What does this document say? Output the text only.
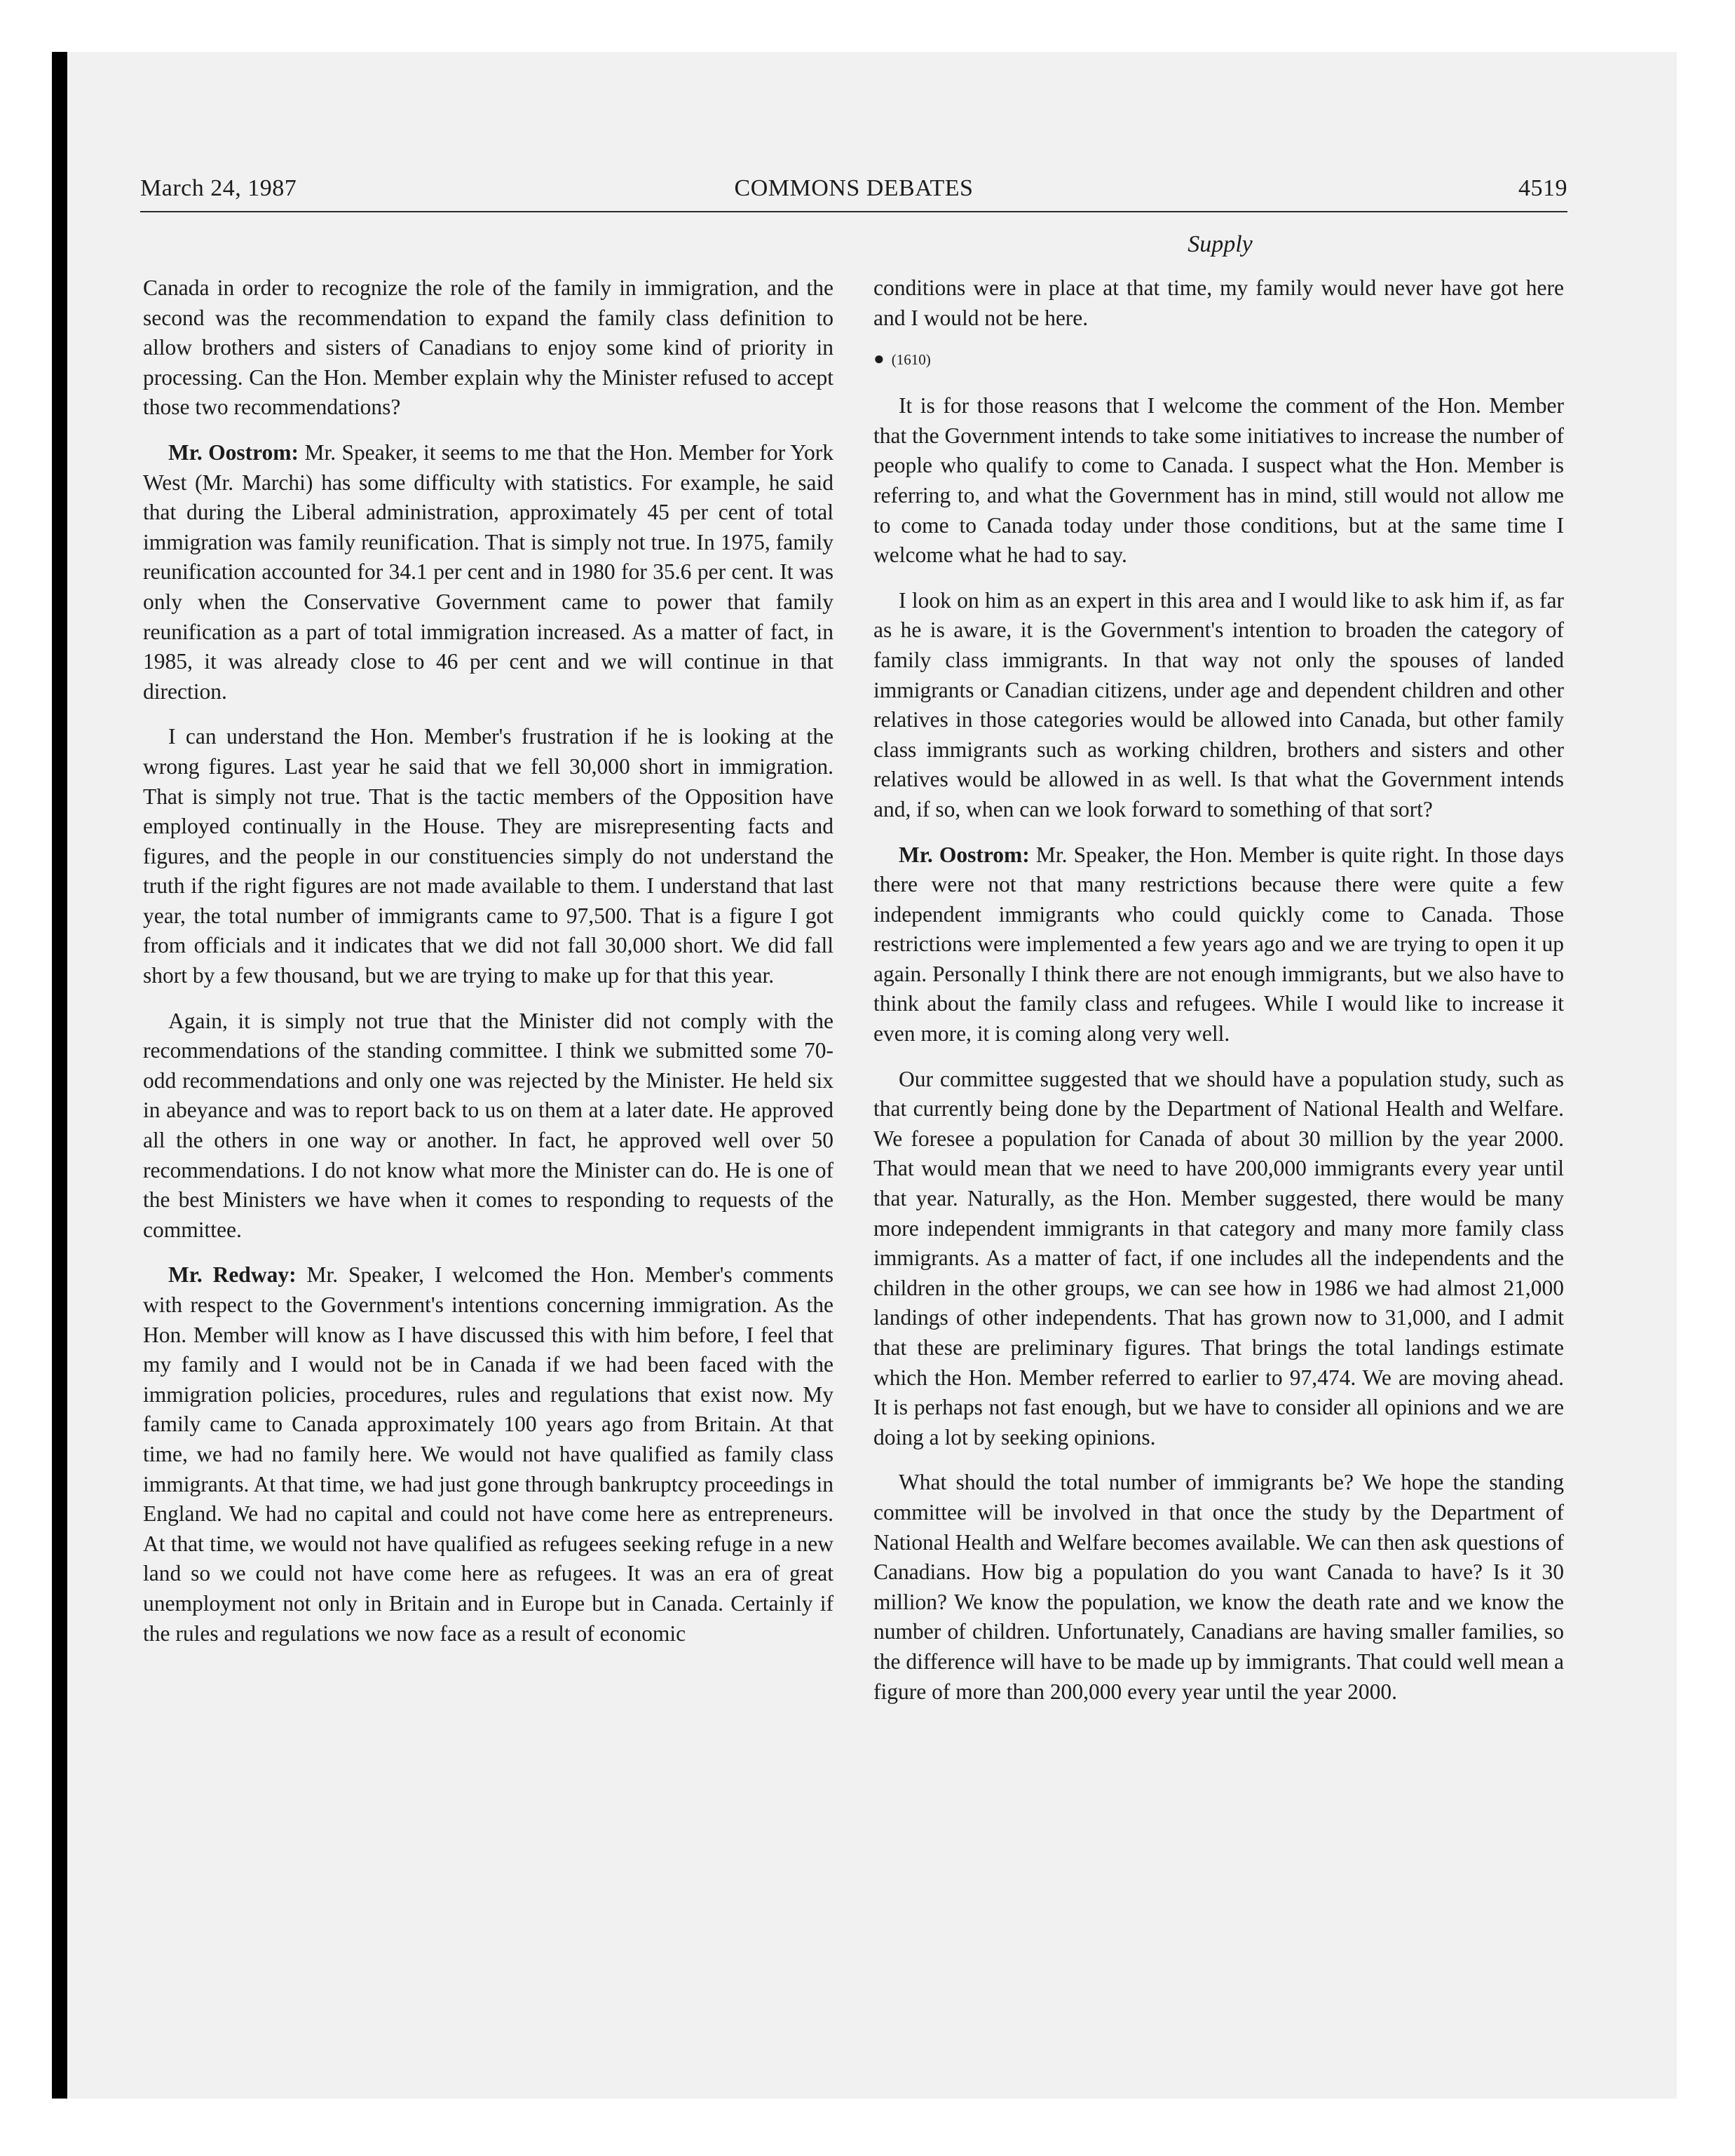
March 24, 1987	COMMONS DEBATES	4519
Supply

Canada in order to recognize the role of the family in immigration, and the second was the recommendation to expand the family class definition to allow brothers and sisters of Canadians to enjoy some kind of priority in processing. Can the Hon. Member explain why the Minister refused to accept those two recommendations?

Mr. Oostrom: Mr. Speaker, it seems to me that the Hon. Member for York West (Mr. Marchi) has some difficulty with statistics. For example, he said that during the Liberal administration, approximately 45 per cent of total immigration was family reunification. That is simply not true. In 1975, family reunification accounted for 34.1 per cent and in 1980 for 35.6 per cent. It was only when the Conservative Government came to power that family reunification as a part of total immigration increased. As a matter of fact, in 1985, it was already close to 46 per cent and we will continue in that direction.

I can understand the Hon. Member's frustration if he is looking at the wrong figures. Last year he said that we fell 30,000 short in immigration. That is simply not true. That is the tactic members of the Opposition have employed continually in the House. They are misrepresenting facts and figures, and the people in our constituencies simply do not understand the truth if the right figures are not made available to them. I understand that last year, the total number of immigrants came to 97,500. That is a figure I got from officials and it indicates that we did not fall 30,000 short. We did fall short by a few thousand, but we are trying to make up for that this year.

Again, it is simply not true that the Minister did not comply with the recommendations of the standing committee. I think we submitted some 70-odd recommendations and only one was rejected by the Minister. He held six in abeyance and was to report back to us on them at a later date. He approved all the others in one way or another. In fact, he approved well over 50 recommendations. I do not know what more the Minister can do. He is one of the best Ministers we have when it comes to responding to requests of the committee.

Mr. Redway: Mr. Speaker, I welcomed the Hon. Member's comments with respect to the Government's intentions concerning immigration. As the Hon. Member will know as I have discussed this with him before, I feel that my family and I would not be in Canada if we had been faced with the immigration policies, procedures, rules and regulations that exist now. My family came to Canada approximately 100 years ago from Britain. At that time, we had no family here. We would not have qualified as family class immigrants. At that time, we had just gone through bankruptcy proceedings in England. We had no capital and could not have come here as entrepreneurs. At that time, we would not have qualified as refugees seeking refuge in a new land so we could not have come here as refugees. It was an era of great unemployment not only in Britain and in Europe but in Canada. Certainly if the rules and regulations we now face as a result of economic

conditions were in place at that time, my family would never have got here and I would not be here.

● (1610)

It is for those reasons that I welcome the comment of the Hon. Member that the Government intends to take some initiatives to increase the number of people who qualify to come to Canada. I suspect what the Hon. Member is referring to, and what the Government has in mind, still would not allow me to come to Canada today under those conditions, but at the same time I welcome what he had to say.

I look on him as an expert in this area and I would like to ask him if, as far as he is aware, it is the Government's intention to broaden the category of family class immigrants. In that way not only the spouses of landed immigrants or Canadian citizens, under age and dependent children and other relatives in those categories would be allowed into Canada, but other family class immigrants such as working children, brothers and sisters and other relatives would be allowed in as well. Is that what the Government intends and, if so, when can we look forward to something of that sort?

Mr. Oostrom: Mr. Speaker, the Hon. Member is quite right. In those days there were not that many restrictions because there were quite a few independent immigrants who could quickly come to Canada. Those restrictions were implemented a few years ago and we are trying to open it up again. Personally I think there are not enough immigrants, but we also have to think about the family class and refugees. While I would like to increase it even more, it is coming along very well.

Our committee suggested that we should have a population study, such as that currently being done by the Department of National Health and Welfare. We foresee a population for Canada of about 30 million by the year 2000. That would mean that we need to have 200,000 immigrants every year until that year. Naturally, as the Hon. Member suggested, there would be many more independent immigrants in that category and many more family class immigrants. As a matter of fact, if one includes all the independents and the children in the other groups, we can see how in 1986 we had almost 21,000 landings of other independents. That has grown now to 31,000, and I admit that these are preliminary figures. That brings the total landings estimate which the Hon. Member referred to earlier to 97,474. We are moving ahead. It is perhaps not fast enough, but we have to consider all opinions and we are doing a lot by seeking opinions.

What should the total number of immigrants be? We hope the standing committee will be involved in that once the study by the Department of National Health and Welfare becomes available. We can then ask questions of Canadians. How big a population do you want Canada to have? Is it 30 million? We know the population, we know the death rate and we know the number of children. Unfortunately, Canadians are having smaller families, so the difference will have to be made up by immigrants. That could well mean a figure of more than 200,000 every year until the year 2000.
